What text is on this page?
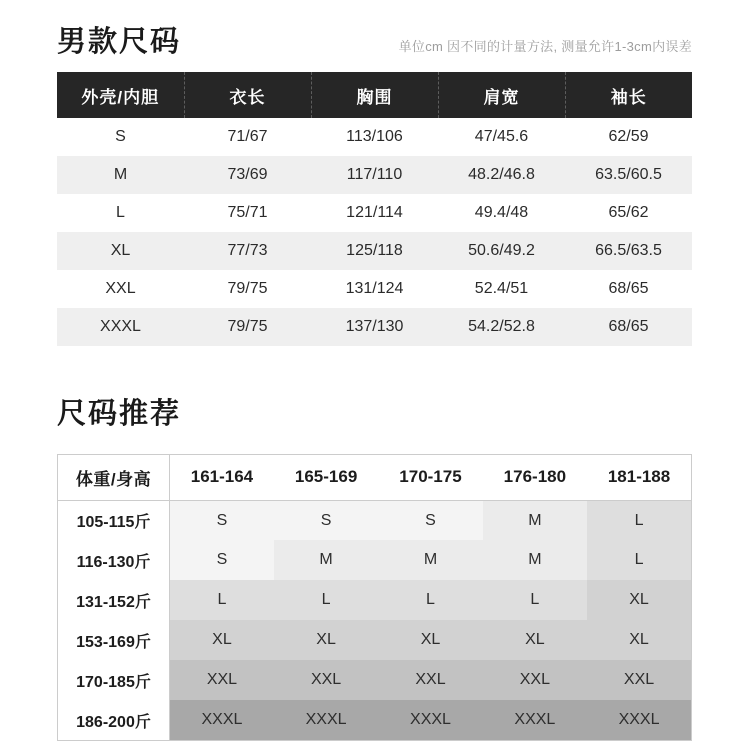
男款尺码	单位cm 因不同的计量方法, 测量允许1-3cm内误差
外壳/内胆	衣长	胸围	肩宽	袖长
S	71/67	113/106	47/45.6	62/59
M	73/69	117/110	48.2/46.8	63.5/60.5
L	75/71	121/114	49.4/48	65/62
XL	77/73	125/118	50.6/49.2	66.5/63.5
XXL	79/75	131/124	52.4/51	68/65
XXXL	79/75	137/130	54.2/52.8	68/65
尺码推荐
体重/身高	161-164	165-169	170-175	176-180	181-188
105-115斤	S	S	S	M	L
116-130斤	S	M	M	M	L
131-152斤	L	L	L	L	XL
153-169斤	XL	XL	XL	XL	XL
170-185斤	XXL	XXL	XXL	XXL	XXL
186-200斤	XXXL	XXXL	XXXL	XXXL	XXXL
